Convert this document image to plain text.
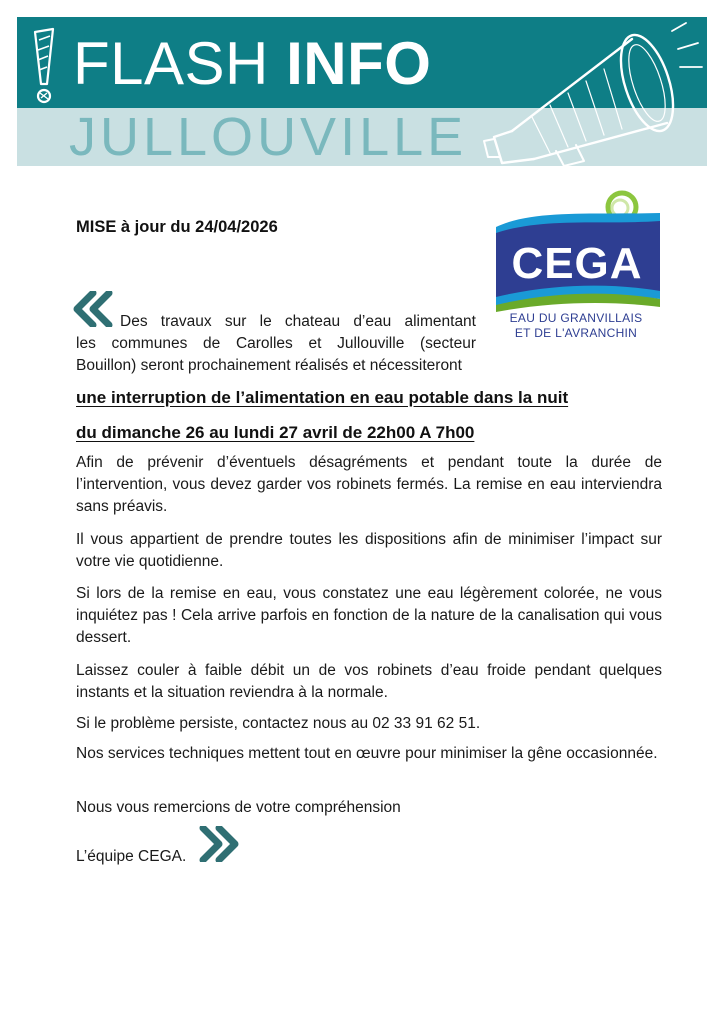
FLASH INFO
JULLOUVILLE
CEGA
EAU DU GRANVILLAIS
ET DE L'AVRANCHIN
MISE à jour du 24/04/2026
Des travaux sur le chateau d’eau alimentant
les communes de Carolles et Jullouville (secteur
Bouillon) seront prochainement réalisés et nécessiteront
une interruption de l’alimentation en eau potable dans la nuit
du dimanche 26 au lundi 27 avril de 22h00 A 7h00

Afin de prévenir d’éventuels désagréments et pendant toute la durée de l’intervention, vous devez garder vos robinets fermés. La remise en eau interviendra sans préavis.

Il vous appartient de prendre toutes les dispositions afin de minimiser l’impact sur votre vie quotidienne.

Si lors de la remise en eau, vous constatez une eau légèrement colorée, ne vous inquiétez pas ! Cela arrive parfois en fonction de la nature de la canalisation qui vous dessert.

Laissez couler à faible débit un de vos robinets d’eau froide pendant quelques instants et la situation reviendra à la normale.

Si le problème persiste, contactez nous au 02 33 91 62 51.

Nos services techniques mettent tout en œuvre pour minimiser la gêne occasionnée.

Nous vous remercions de votre compréhension

L’équipe CEGA.
